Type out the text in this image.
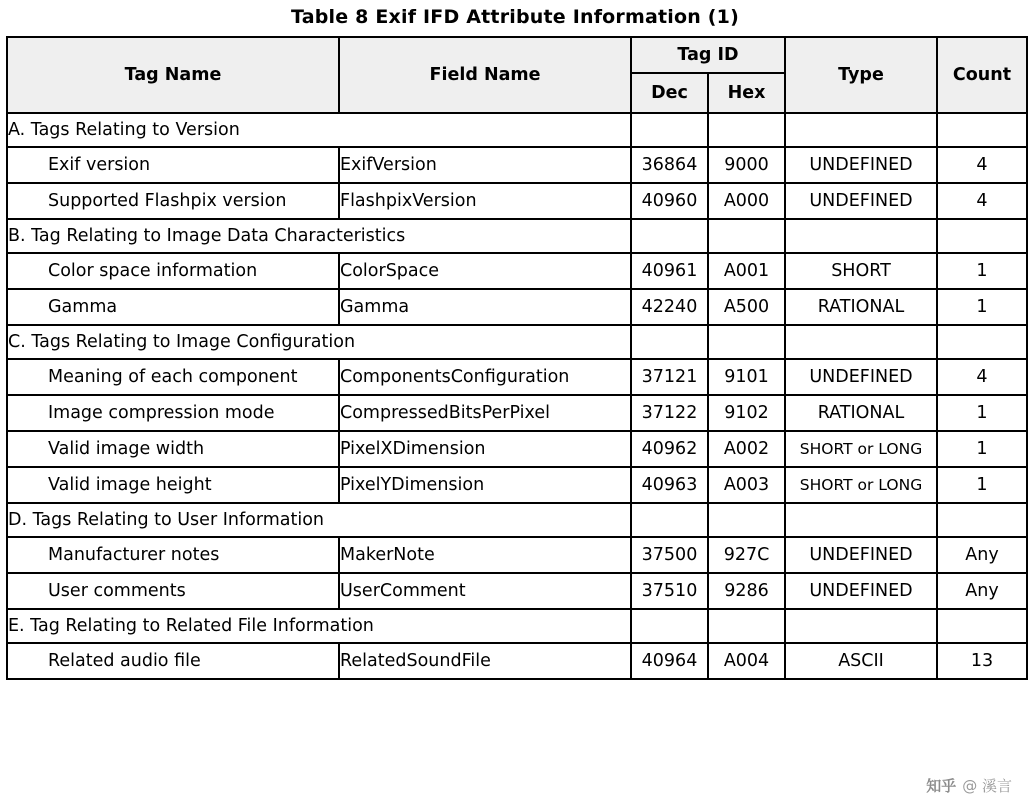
Table 8 Exif IFD Attribute Information (1)
Tag Name	Field Name	Tag ID		Type	Count
		Dec	Hex		
A. Tags Relating to Version					
Exif version	ExifVersion	36864	9000	UNDEFINED	4
Supported Flashpix version	FlashpixVersion	40960	A000	UNDEFINED	4
B. Tag Relating to Image Data Characteristics					
Color space information	ColorSpace	40961	A001	SHORT	1
Gamma	Gamma	42240	A500	RATIONAL	1
C. Tags Relating to Image Configuration					
Meaning of each component	ComponentsConfiguration	37121	9101	UNDEFINED	4
Image compression mode	CompressedBitsPerPixel	37122	9102	RATIONAL	1
Valid image width	PixelXDimension	40962	A002	SHORT or LONG	1
Valid image height	PixelYDimension	40963	A003	SHORT or LONG	1
D. Tags Relating to User Information					
Manufacturer notes	MakerNote	37500	927C	UNDEFINED	Any
User comments	UserComment	37510	9286	UNDEFINED	Any
E. Tag Relating to Related File Information					
Related audio file	RelatedSoundFile	40964	A004	ASCII	13
知乎 @ 溪言
